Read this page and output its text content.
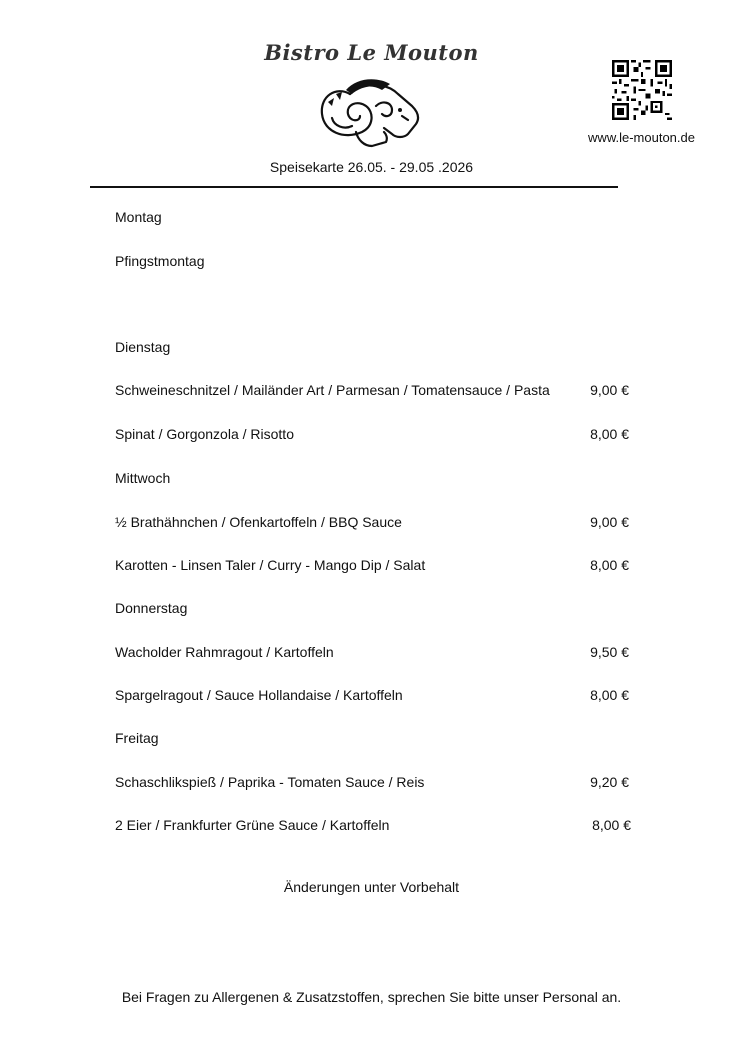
Bistro Le Mouton
www.le-mouton.de
Speisekarte 26.05. - 29.05 .2026
Montag
Pfingstmontag
Dienstag
Schweineschnitzel / Mailänder Art / Parmesan / Tomatensauce / Pasta	9,00 €
Spinat / Gorgonzola / Risotto	8,00 €
Mittwoch
½ Brathähnchen / Ofenkartoffeln / BBQ Sauce	9,00 €
Karotten - Linsen Taler / Curry - Mango Dip / Salat	8,00 €
Donnerstag
Wacholder Rahmragout / Kartoffeln	9,50 €
Spargelragout / Sauce Hollandaise / Kartoffeln	8,00 €
Freitag
Schaschlikspieß / Paprika - Tomaten Sauce / Reis	9,20 €
2 Eier / Frankfurter Grüne Sauce / Kartoffeln	8,00 €
Änderungen unter Vorbehalt
Bei Fragen zu Allergenen & Zusatzstoffen, sprechen Sie bitte unser Personal an.
